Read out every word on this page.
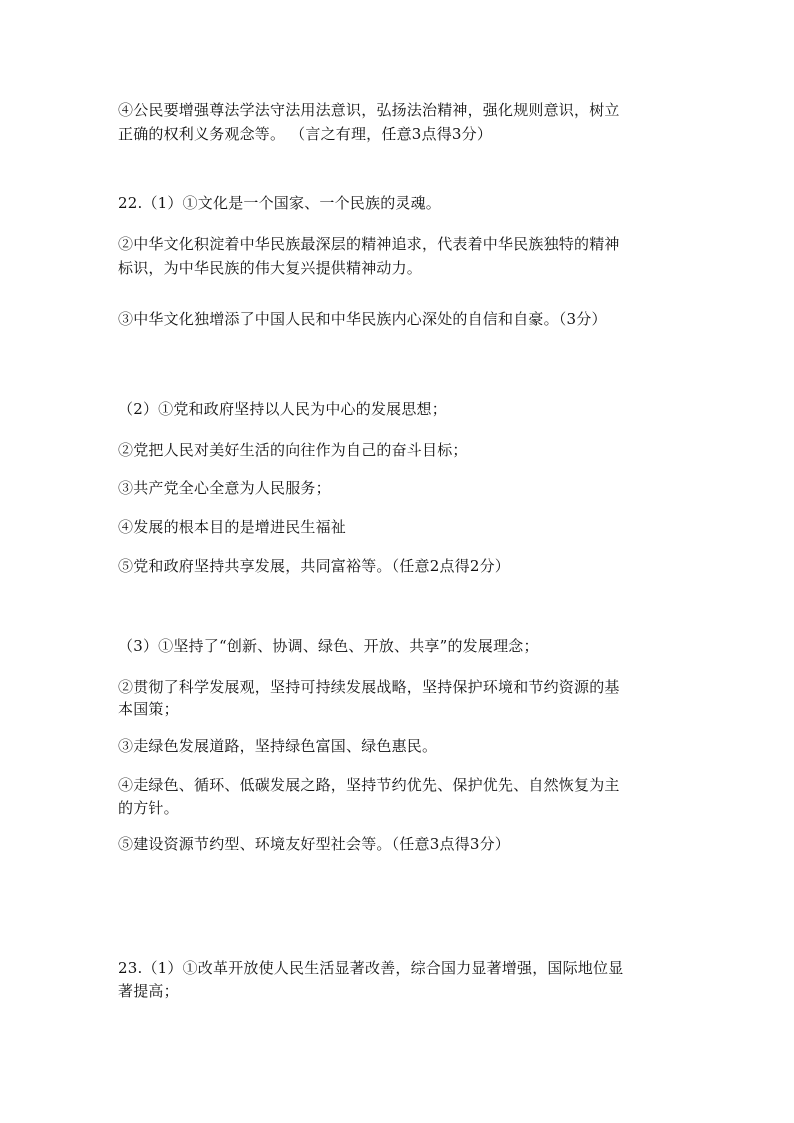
④公民要增强尊法学法守法用法意识，弘扬法治精神，强化规则意识，树立
正确的权利义务观念等。 （言之有理，任意3点得3分）
22.（1）①文化是一个国家、一个民族的灵魂。
②中华文化积淀着中华民族最深层的精神追求，代表着中华民族独特的精神
标识，为中华民族的伟大复兴提供精神动力。
③中华文化独增添了中国人民和中华民族内心深处的自信和自豪。（3分）
（2）①党和政府坚持以人民为中心的发展思想；
②党把人民对美好生活的向往作为自己的奋斗目标；
③共产党全心全意为人民服务；
④发展的根本目的是增进民生福祉
⑤党和政府坚持共享发展，共同富裕等。（任意2点得2分）
（3）①坚持了“创新、协调、绿色、开放、共享”的发展理念；
②贯彻了科学发展观，坚持可持续发展战略，坚持保护环境和节约资源的基
本国策；
③走绿色发展道路，坚持绿色富国、绿色惠民。
④走绿色、循环、低碳发展之路，坚持节约优先、保护优先、自然恢复为主
的方针。
⑤建设资源节约型、环境友好型社会等。（任意3点得3分）
23.（1）①改革开放使人民生活显著改善，综合国力显著增强，国际地位显
著提高；
